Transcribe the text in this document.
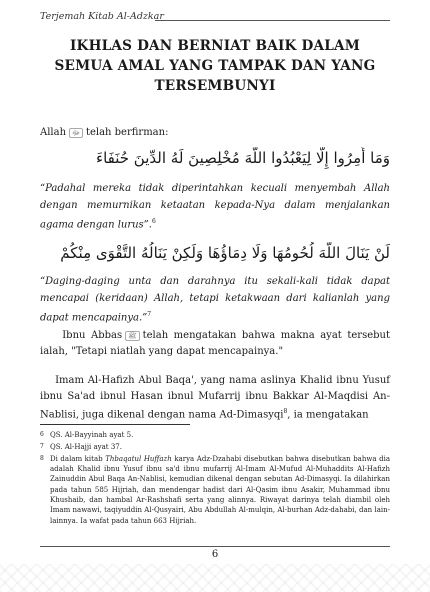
Terjemah Kitab Al-Adzkar
IKHLAS DAN BERNIAT BAIK DALAM
SEMUA AMAL YANG TAMPAK DAN YANG
TERSEMBUNYI
Allah ﷻ telah berfirman:
وَمَا أُمِرُوا إِلَّا لِيَعْبُدُوا اللَّهَ مُخْلِصِينَ لَهُ الدِّينَ حُنَفَاءَ
“Padahal mereka tidak diperintahkan kecuali menyembah Allah dengan memurnikan ketaatan kepada-Nya dalam menjalankan agama dengan lurus”.$^6$
لَنْ يَنَالَ اللَّهَ لُحُومُهَا وَلَا دِمَاؤُهَا وَلَكِنْ يَنَالُهُ التَّقْوَى مِنْكُمْ
“Daging-daging unta dan darahnya itu sekali-kali tidak dapat mencapai (keridaan) Allah, tetapi ketakwaan dari kalianlah yang dapat mencapainya.”$^7$
Ibnu Abbas ﷺ telah mengatakan bahwa makna ayat tersebut ialah, "Tetapi niatlah yang dapat mencapainya."
Imam Al-Hafizh Abul Baqa', yang nama aslinya Khalid ibnu Yusuf ibnu Sa'ad ibnul Hasan ibnul Mufarrij ibnu Bakkar Al-Maqdisi An-Nablisi, juga dikenal dengan nama Ad-Dimasyqi$^8$, ia mengatakan
6 QS. Al-Bayyinah ayat 5.
7 QS. Al-Hajji ayat 37.
8 Di dalam kitab Thbaqatul Huffazh karya Adz-Dzahabi disebutkan bahwa disebutkan bahwa dia adalah Khalid ibnu Yusuf ibnu sa'd ibnu mufarrij Al-Imam Al-Mufud Al-Muhaddits Al-Hafizh Zainuddin Abul Baqa An-Nablisi, kemudian dikenal dengan sebutan Ad-Dimasyqi. Ia dilahirkan pada tahun 585 Hijriah, dan mendengar hadist dari Al-Qasim ibnu Asakir, Muhammad ibnu Khushaib, dan hambal Ar-Rashshafi serta yang alinnya. Riwayat darinya telah diambil oleh Imam nawawi, taqiyuddin Al-Qusyairi, Abu Abdullah Al-mulqin, Al-burhan Adz-dahabi, dan lain-lainnya. Ia wafat pada tahun 663 Hijriah.
6
